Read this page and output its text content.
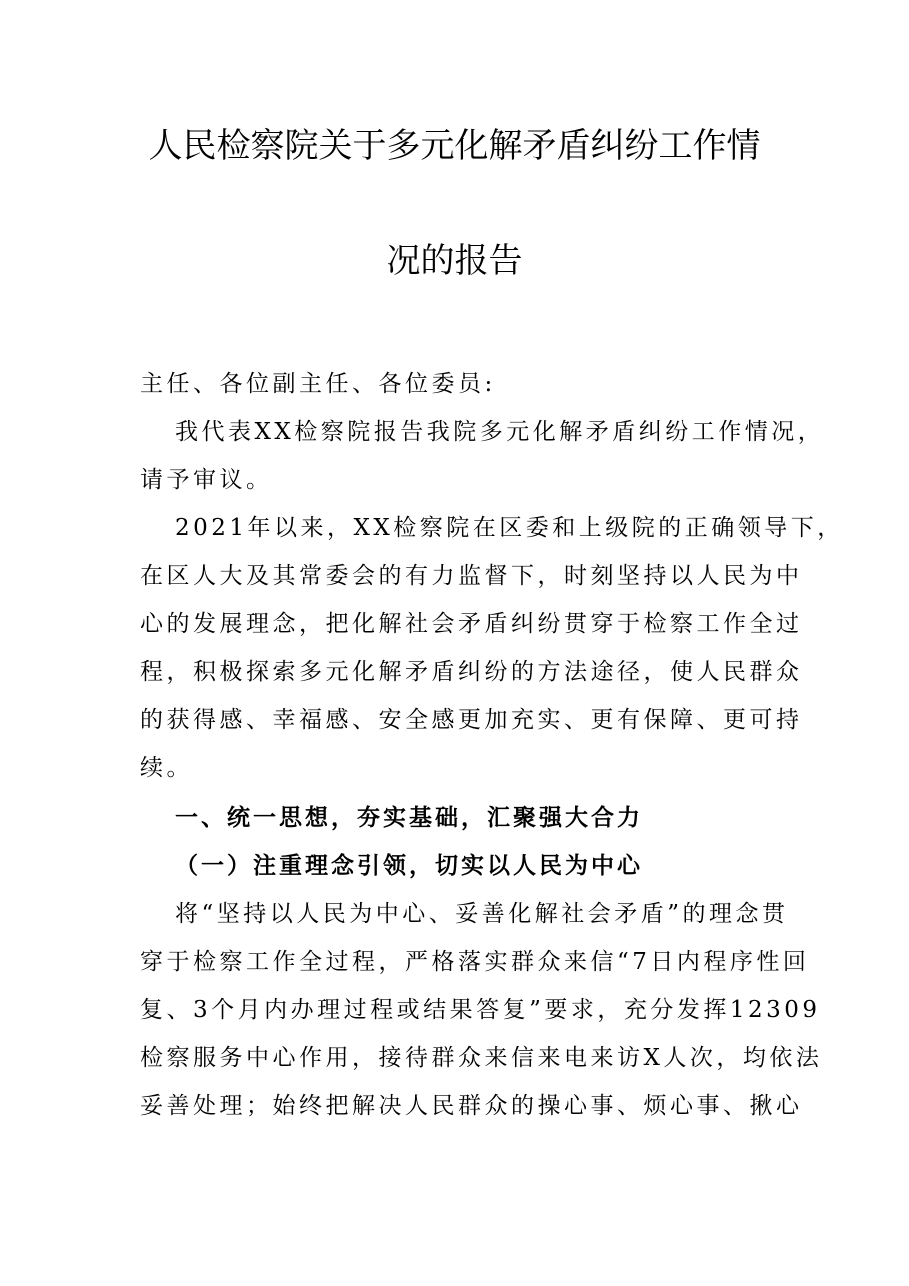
人民检察院关于多元化解矛盾纠纷工作情
况的报告
主任、各位副主任、各位委员:
我代表XX检察院报告我院多元化解矛盾纠纷工作情况，
请予审议。
2021年以来，XX检察院在区委和上级院的正确领导下，
在区人大及其常委会的有力监督下，时刻坚持以人民为中
心的发展理念，把化解社会矛盾纠纷贯穿于检察工作全过
程，积极探索多元化解矛盾纠纷的方法途径，使人民群众
的获得感、幸福感、安全感更加充实、更有保障、更可持
续。
一、统一思想，夯实基础，汇聚强大合力
（一）注重理念引领，切实以人民为中心
将“坚持以人民为中心、妥善化解社会矛盾”的理念贯
穿于检察工作全过程，严格落实群众来信“7日内程序性回
复、3个月内办理过程或结果答复”要求，充分发挥12309
检察服务中心作用，接待群众来信来电来访X人次，均依法
妥善处理；始终把解决人民群众的操心事、烦心事、揪心
